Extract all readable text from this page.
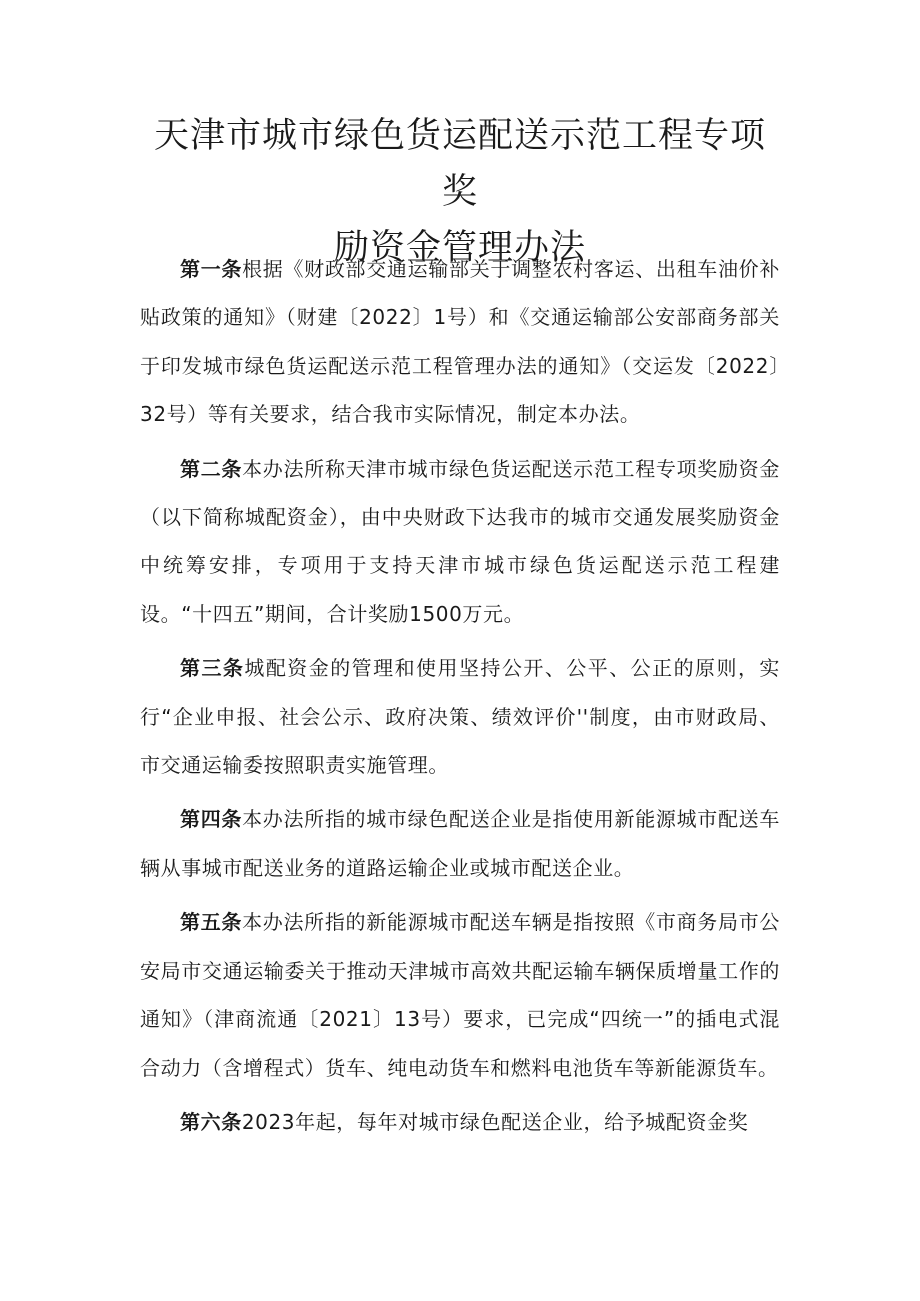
天津市城市绿色货运配送示范工程专项奖
励资金管理办法

第一条根据《财政部交通运输部关于调整农村客运、出租车油价补贴政策的通知》（财建〔2022〕1号）和《交通运输部公安部商务部关于印发城市绿色货运配送示范工程管理办法的通知》（交运发〔2022〕32号）等有关要求，结合我市实际情况，制定本办法。

第二条本办法所称天津市城市绿色货运配送示范工程专项奖励资金（以下简称城配资金），由中央财政下达我市的城市交通发展奖励资金中统筹安排，专项用于支持天津市城市绿色货运配送示范工程建设。“十四五”期间，合计奖励1500万元。

第三条城配资金的管理和使用坚持公开、公平、公正的原则，实行“企业申报、社会公示、政府决策、绩效评价''制度，由市财政局、市交通运输委按照职责实施管理。

第四条本办法所指的城市绿色配送企业是指使用新能源城市配送车辆从事城市配送业务的道路运输企业或城市配送企业。

第五条本办法所指的新能源城市配送车辆是指按照《市商务局市公安局市交通运输委关于推动天津城市高效共配运输车辆保质增量工作的通知》（津商流通〔2021〕13号）要求，已完成“四统一”的插电式混合动力（含增程式）货车、纯电动货车和燃料电池货车等新能源货车。

第六条2023年起，每年对城市绿色配送企业，给予城配资金奖
